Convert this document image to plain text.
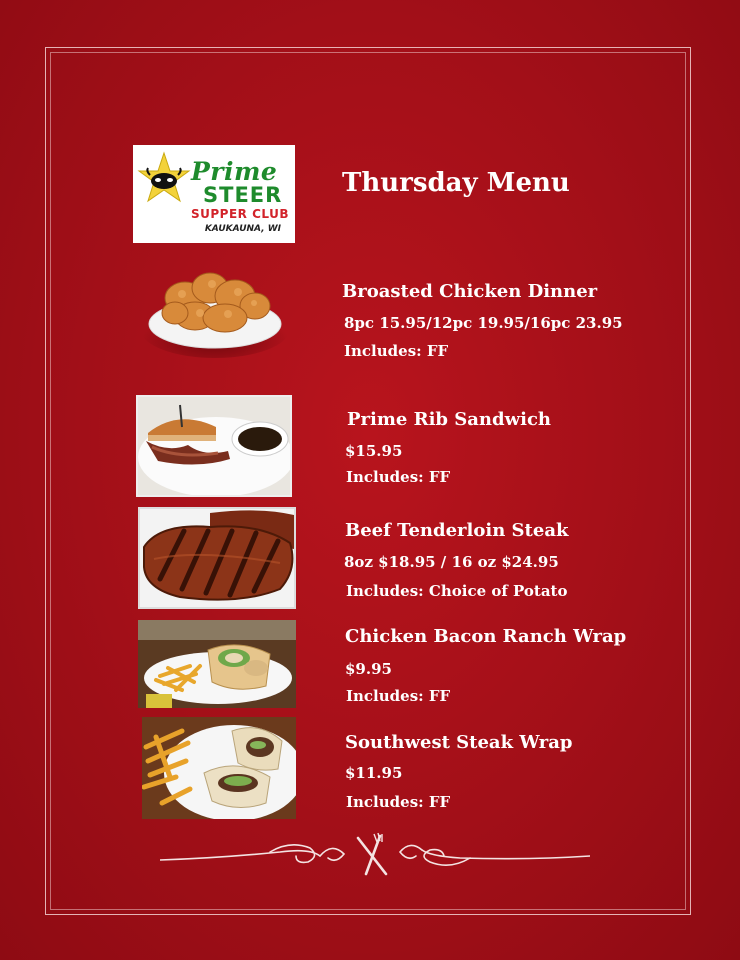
Prime
STEER
SUPPER CLUB
KAUKAUNA, WI
Thursday Menu
Broasted Chicken Dinner
8pc 15.95/12pc 19.95/16pc 23.95
Includes: FF
Prime Rib Sandwich
$15.95
Includes: FF
Beef Tenderloin Steak
8oz $18.95 / 16 oz $24.95
Includes: Choice of Potato
Chicken Bacon Ranch Wrap
$9.95
Includes: FF
Southwest Steak Wrap
$11.95
Includes: FF
